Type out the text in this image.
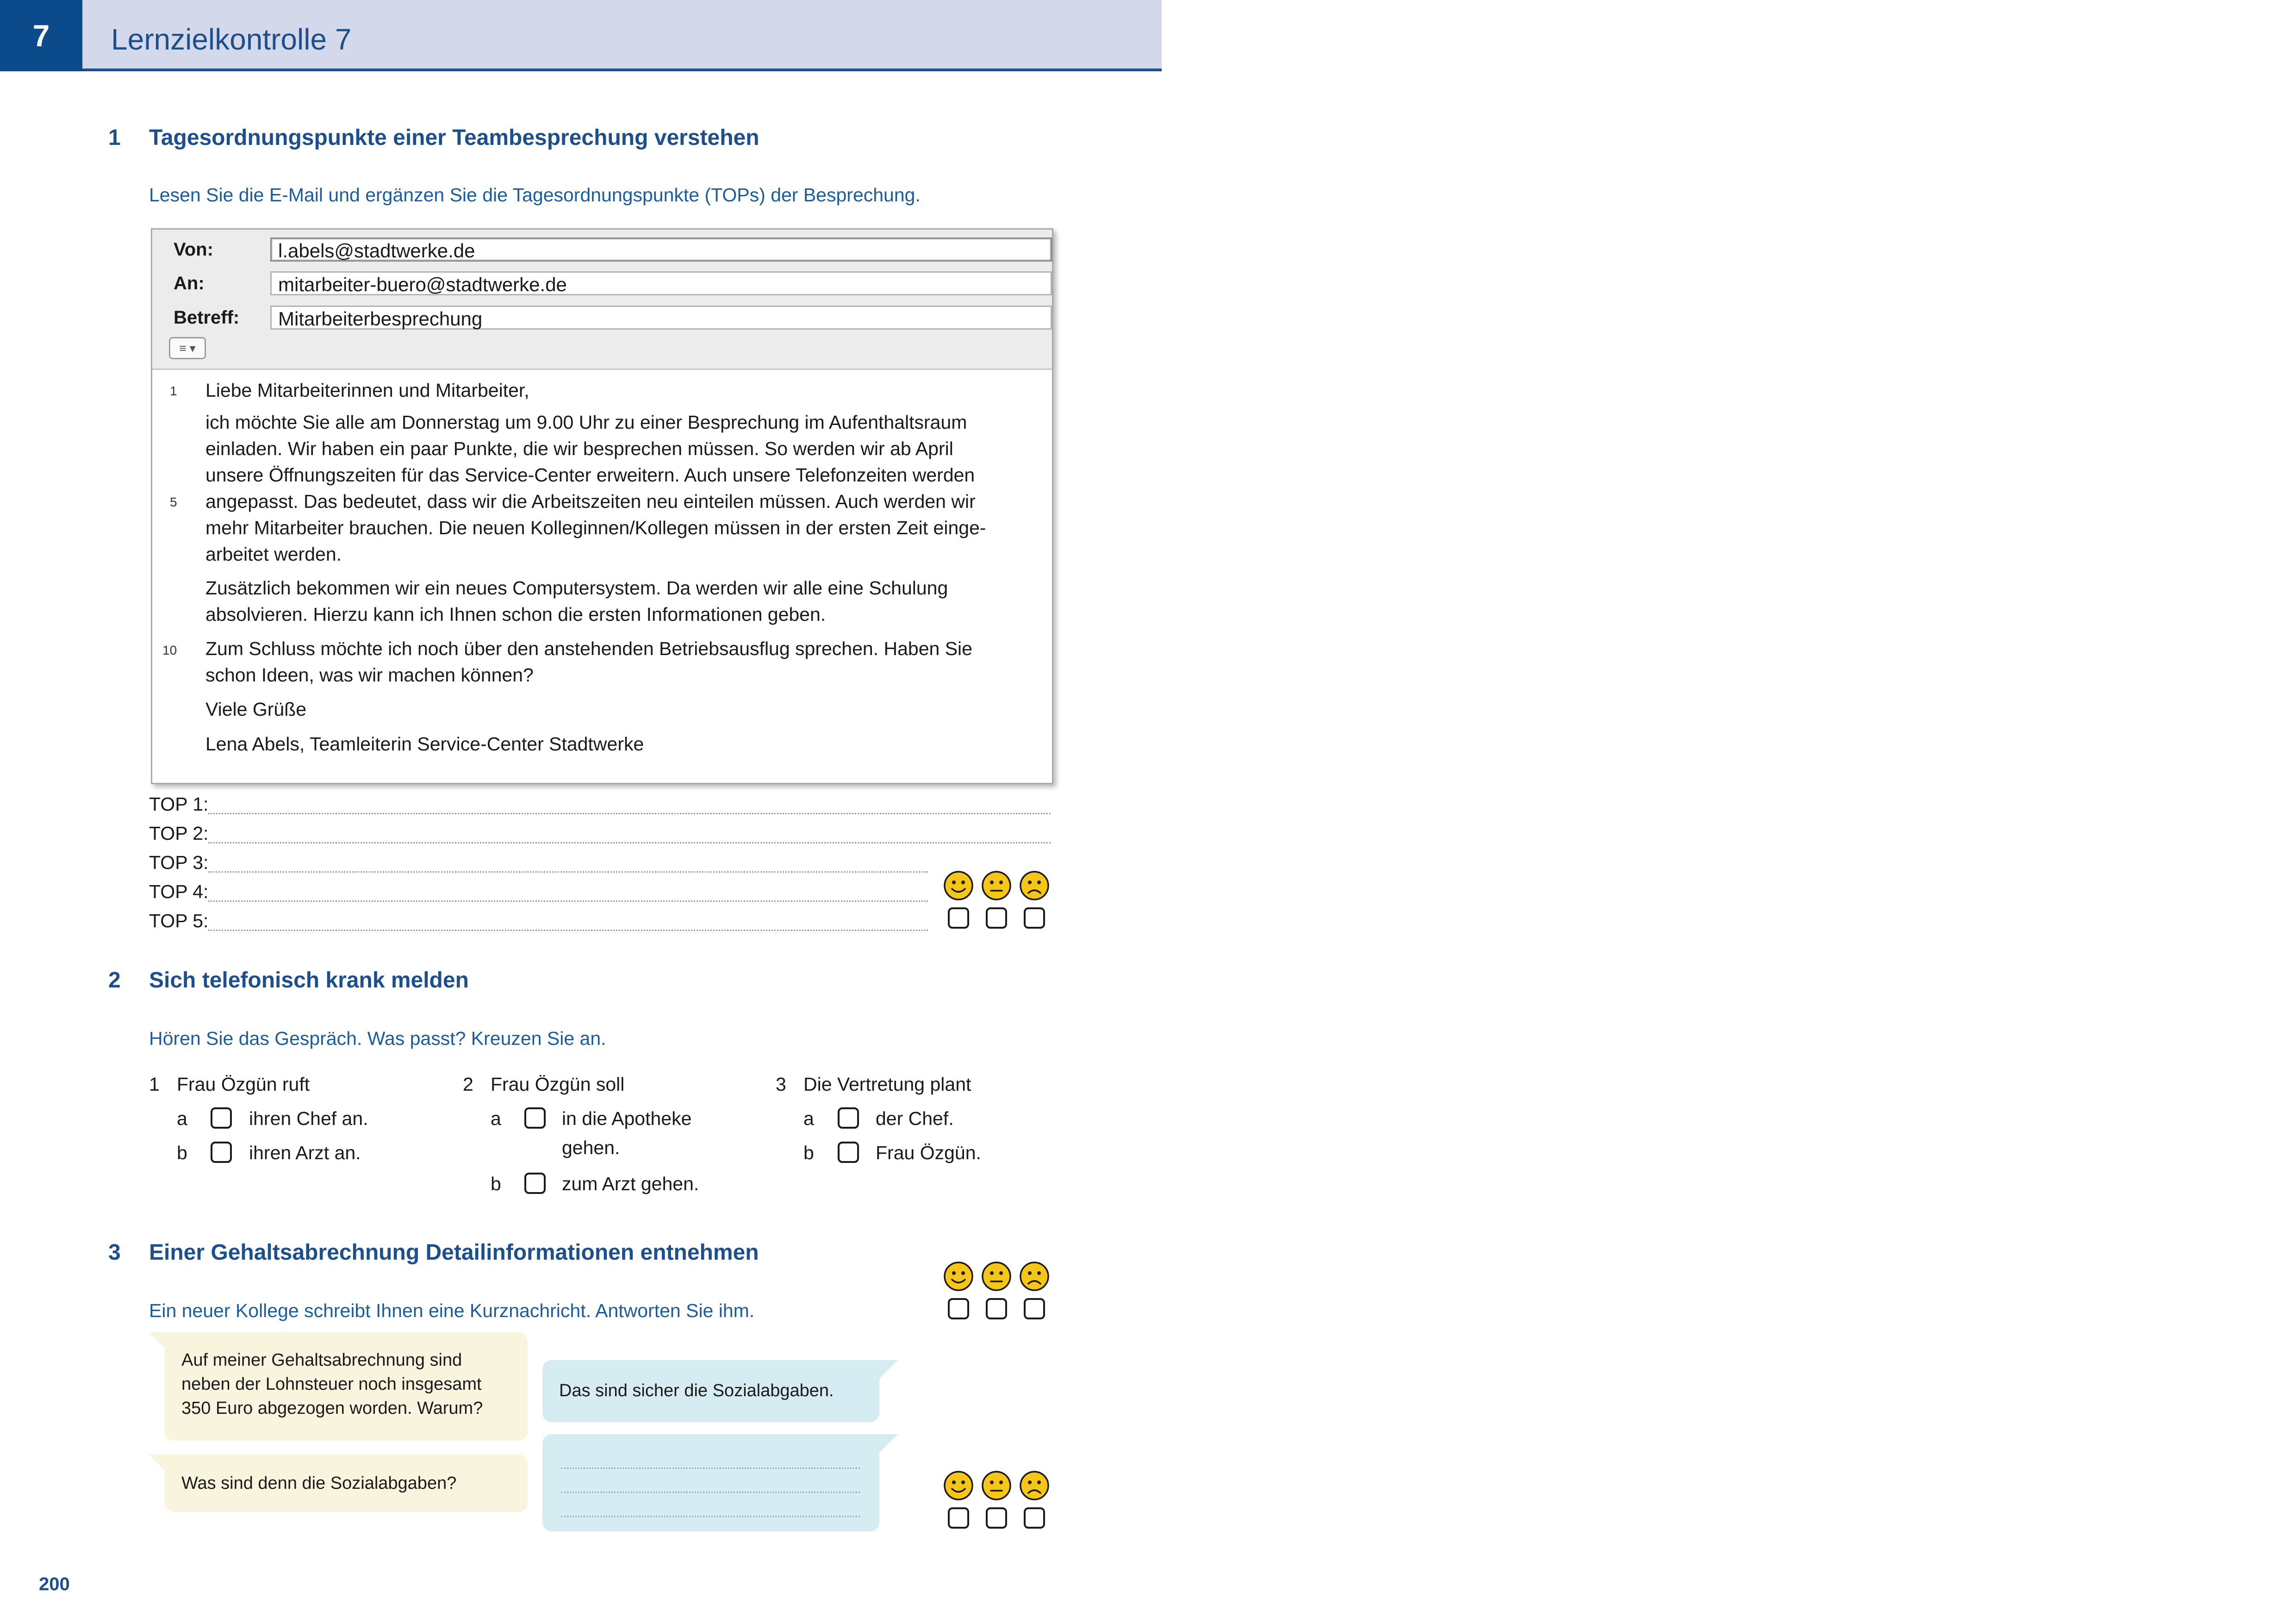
7	Lernzielkontrolle 7
1 Tagesordnungspunkte einer Teambesprechung verstehen
Lesen Sie die E-Mail und ergänzen Sie die Tagesordnungspunkte (TOPs) der Besprechung.
Von:	l.abels@stadtwerke.de
An:	mitarbeiter-buero@stadtwerke.de
Betreff:	Mitarbeiterbesprechung
≡ ▾
1
5
10
Liebe Mitarbeiterinnen und Mitarbeiter,
ich möchte Sie alle am Donnerstag um 9.00 Uhr zu einer Besprechung im Aufenthaltsraum
einladen. Wir haben ein paar Punkte, die wir besprechen müssen. So werden wir ab April
unsere Öffnungszeiten für das Service-Center erweitern. Auch unsere Telefonzeiten werden
angepasst. Das bedeutet, dass wir die Arbeitszeiten neu einteilen müssen. Auch werden wir
mehr Mitarbeiter brauchen. Die neuen Kolleginnen/Kollegen müssen in der ersten Zeit einge-
arbeitet werden.
Zusätzlich bekommen wir ein neues Computersystem. Da werden wir alle eine Schulung
absolvieren. Hierzu kann ich Ihnen schon die ersten Informationen geben.
Zum Schluss möchte ich noch über den anstehenden Betriebsausflug sprechen. Haben Sie
schon Ideen, was wir machen können?
Viele Grüße
Lena Abels, Teamleiterin Service-Center Stadtwerke
TOP 1:
TOP 2:
TOP 3:
TOP 4:
TOP 5:
2 Sich telefonisch krank melden
Hören Sie das Gespräch. Was passt? Kreuzen Sie an.
1 Frau Özgün ruft
a	ihren Chef an.
b	ihren Arzt an.
2 Frau Özgün soll
a	in die Apotheke
gehen.
b	zum Arzt gehen.
3 Die Vertretung plant
a	der Chef.
b	Frau Özgün.
3 Einer Gehaltsabrechnung Detailinformationen entnehmen
Ein neuer Kollege schreibt Ihnen eine Kurznachricht. Antworten Sie ihm.
Auf meiner Gehaltsabrechnung sind
neben der Lohnsteuer noch insgesamt
350 Euro abgezogen worden. Warum?
Das sind sicher die Sozialabgaben.
Was sind denn die Sozialabgaben?
200
